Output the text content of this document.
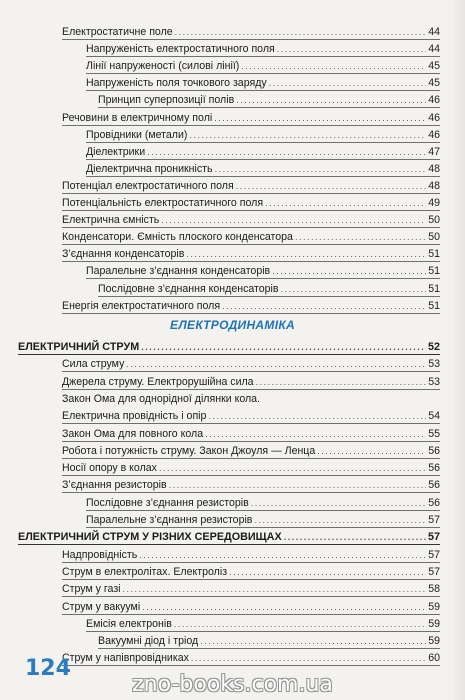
Електростатичне поле .....	44
Напруженість електростатичного поля .....	44
Лінії напруженості (силові лінії) .....	45
Напруженість поля точкового заряду .....	45
Принцип суперпозиції полів .....	46
Речовини в електричному полі .....	46
Провідники (метали) .....	46
Діелектрики .....	47
Діелектрична проникність .....	48
Потенціал електростатичного поля .....	48
Потенціальність електростатичного поля .....	49
Електрична ємність .....	50
Конденсатори. Ємність плоского конденсатора .....	50
З’єднання конденсаторів .....	51
Паралельне з’єднання конденсаторів .....	51
Послідовне з’єднання конденсаторів .....	51
Енергія електростатичного поля .....	51
ЕЛЕКТРИЧНИЙ СТРУМ .....	52
Сила струму .....	53
Джерела струму. Електрорушійна сила .....	53
Закон Ома для однорідної ділянки кола.
Електрична провідність і опір .....	54
Закон Ома для повного кола .....	55
Робота і потужність струму. Закон Джоуля — Ленца .....	56
Носії опору в колах .....	56
З’єднання резисторів .....	56
Послідовне з’єднання резисторів .....	56
Паралельне з’єднання резисторів .....	57
ЕЛЕКТРИЧНИЙ СТРУМ У РІЗНИХ СЕРЕДОВИЩАХ .....	57
Надпровідність .....	57
Струм в електролітах. Електроліз .....	57
Струм у газі .....	58
Струм у вакуумі .....	59
Емісія електронів .....	59
Вакуумні діод і тріод .....	59
Струм у напівпровідниках .....	60
ЕЛЕКТРОДИНАМІКА
124
zno-books.com.ua
